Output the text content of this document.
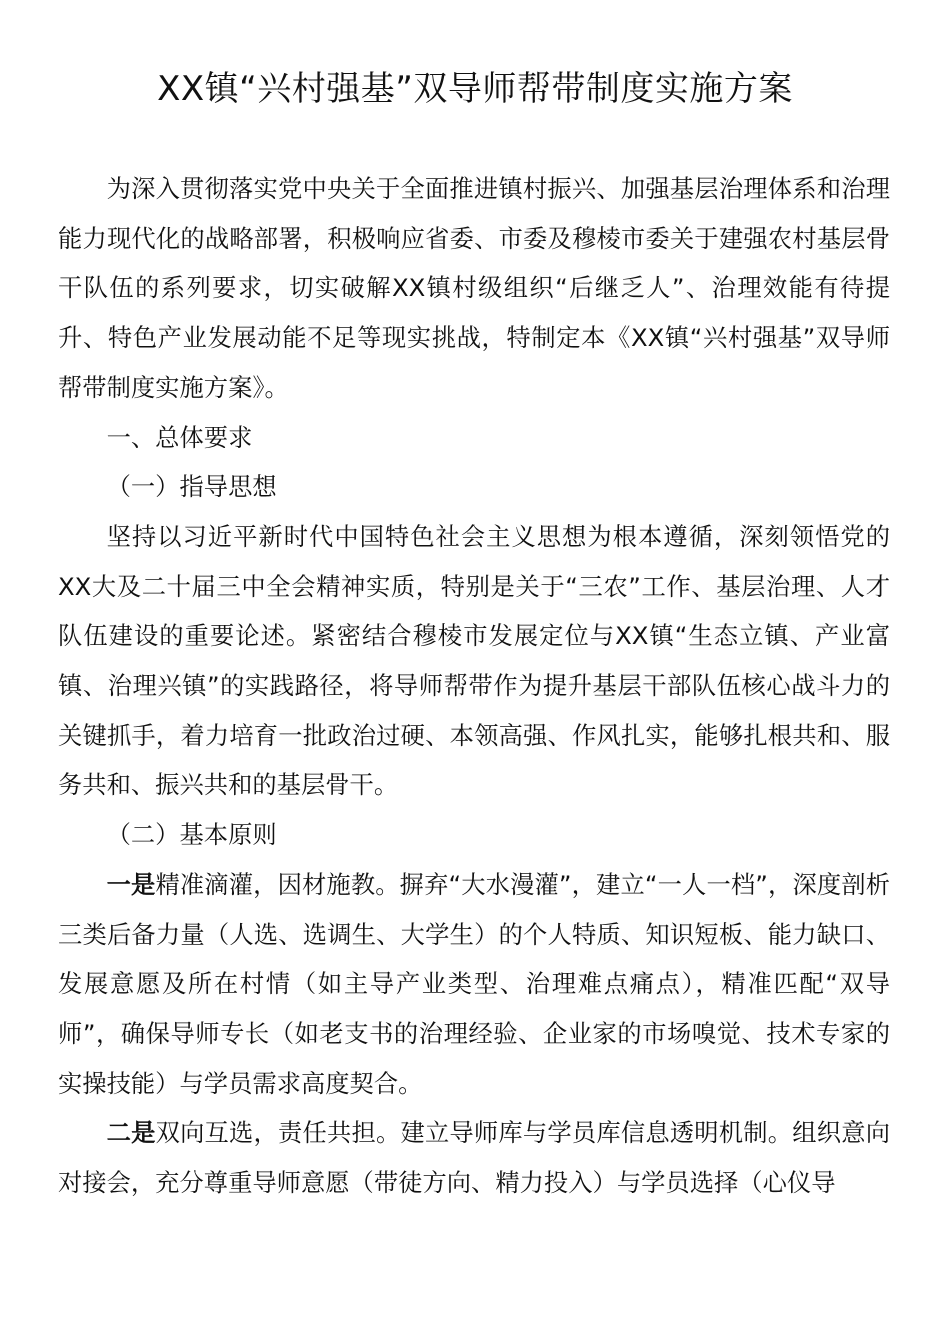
XX镇“兴村强基”双导师帮带制度实施方案

为深入贯彻落实党中央关于全面推进镇村振兴、加强基层治理体系和治理能力现代化的战略部署，积极响应省委、市委及穆棱市委关于建强农村基层骨干队伍的系列要求，切实破解XX镇村级组织“后继乏人”、治理效能有待提升、特色产业发展动能不足等现实挑战，特制定本《XX镇“兴村强基”双导师帮带制度实施方案》。

一、总体要求

（一）指导思想

坚持以习近平新时代中国特色社会主义思想为根本遵循，深刻领悟党的XX大及二十届三中全会精神实质，特别是关于“三农”工作、基层治理、人才队伍建设的重要论述。紧密结合穆棱市发展定位与XX镇“生态立镇、产业富镇、治理兴镇”的实践路径，将导师帮带作为提升基层干部队伍核心战斗力的关键抓手，着力培育一批政治过硬、本领高强、作风扎实，能够扎根共和、服务共和、振兴共和的基层骨干。

（二）基本原则

一是精准滴灌，因材施教。摒弃“大水漫灌”，建立“一人一档”，深度剖析三类后备力量（人选、选调生、大学生）的个人特质、知识短板、能力缺口、发展意愿及所在村情（如主导产业类型、治理难点痛点），精准匹配“双导师”，确保导师专长（如老支书的治理经验、企业家的市场嗅觉、技术专家的实操技能）与学员需求高度契合。

二是双向互选，责任共担。建立导师库与学员库信息透明机制。组织意向对接会，充分尊重导师意愿（带徒方向、精力投入）与学员选择（心仪导
